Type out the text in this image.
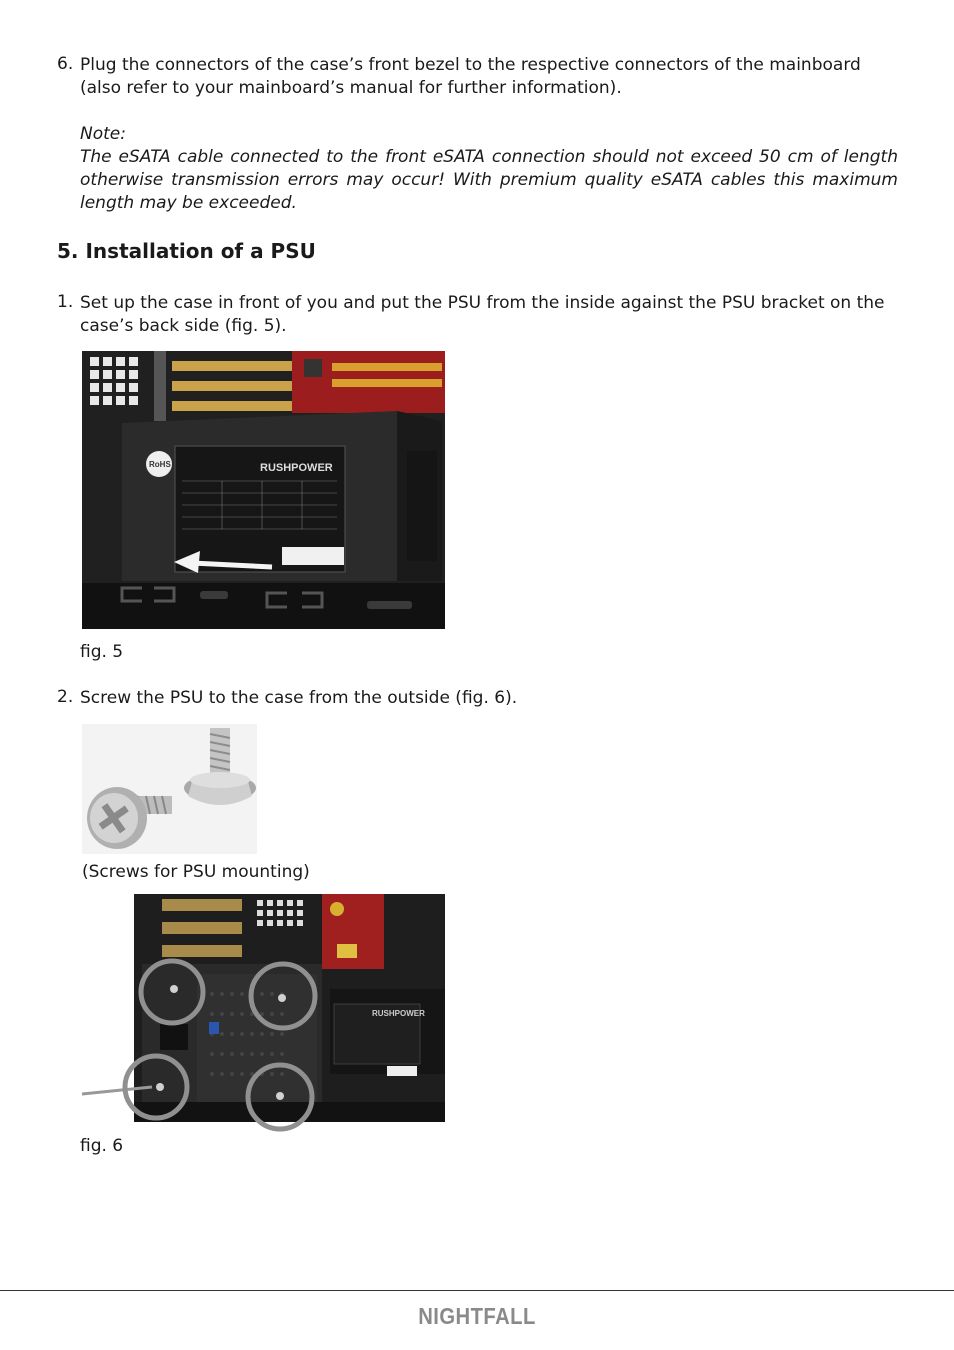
6. Plug the connectors of the case’s front bezel to the respective connectors of the mainboard (also refer to your mainboard’s manual for further information).
Note:
The eSATA cable connected to the front eSATA connection should not exceed 50 cm of length otherwise transmission errors may occur! With premium quality eSATA cables this maximum length may be exceeded.
5. Installation of a PSU
1. Set up the case in front of you and put the PSU from the inside against the PSU bracket on the case’s back side (fig. 5).
RUSHPOWER
RoHS
fig. 5
2. Screw the PSU to the case from the outside (fig. 6).
(Screws for PSU mounting)
RUSHPOWER
fig. 6
NIGHTFALL
